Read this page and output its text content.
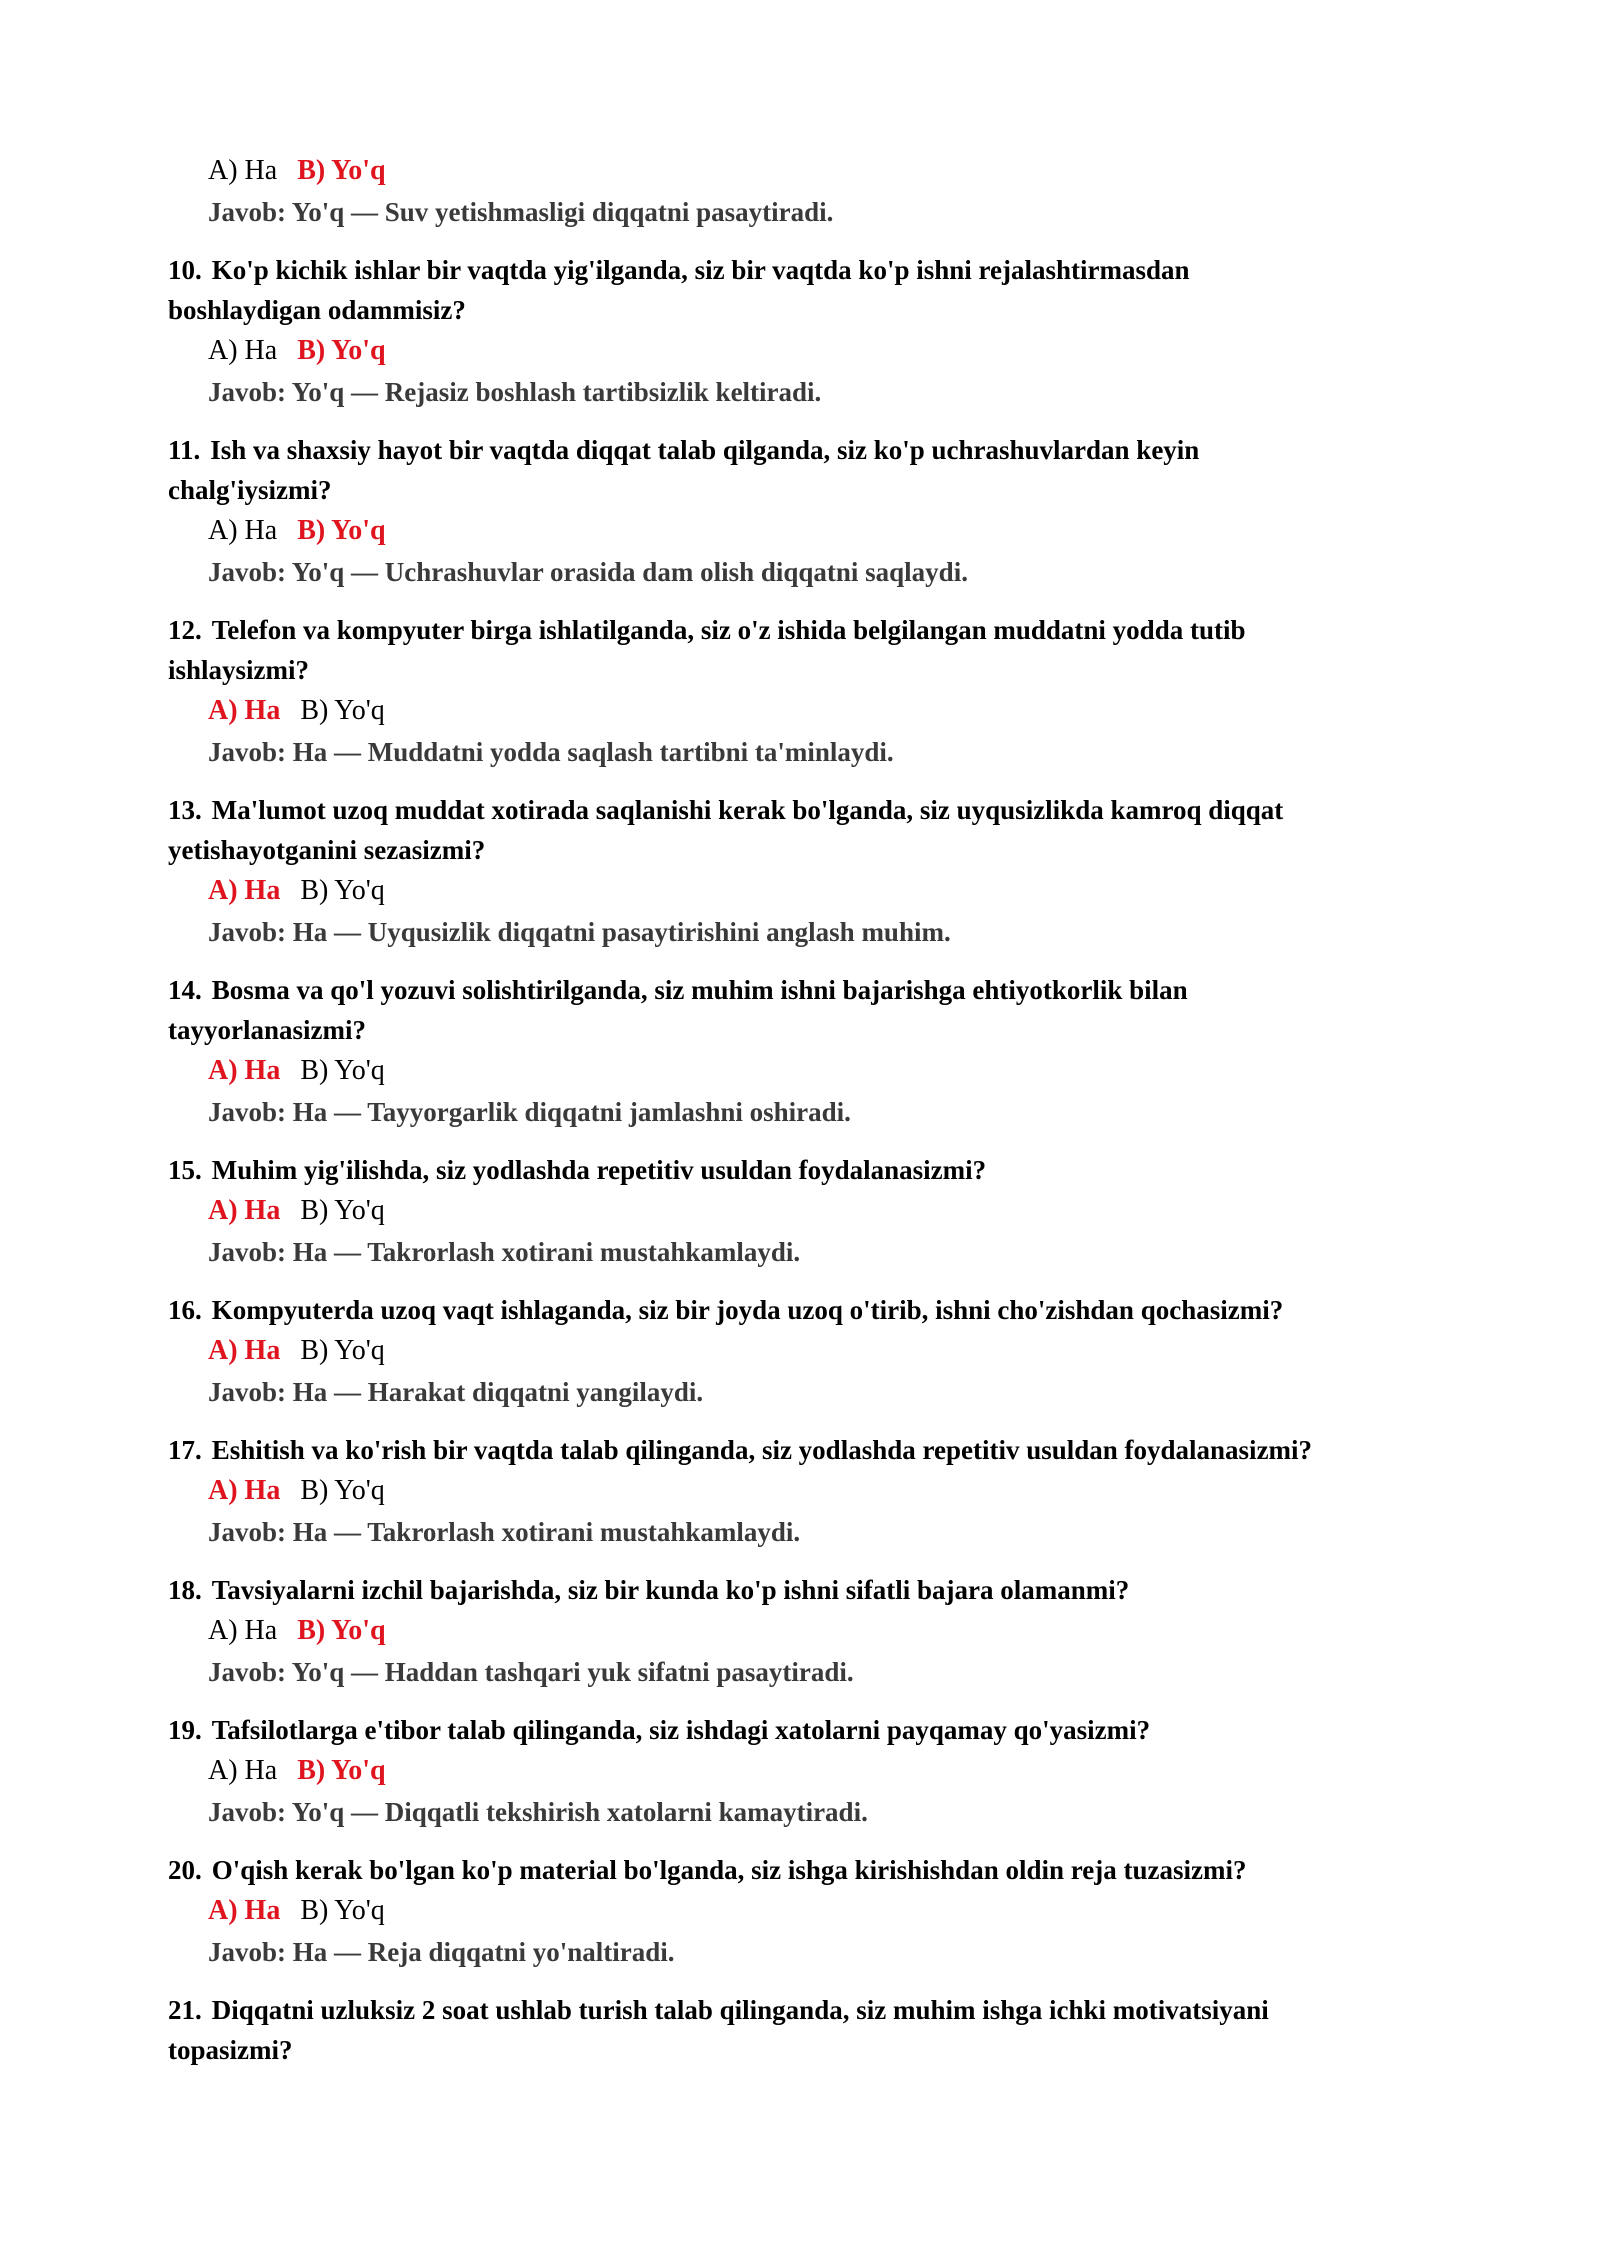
A) Ha B) Yo'q
Javob: Yo'q — Suv yetishmasligi diqqatni pasaytiradi.
10. Ko'p kichik ishlar bir vaqtda yig'ilganda, siz bir vaqtda ko'p ishni rejalashtirmasdan
boshlaydigan odammisiz?
A) Ha B) Yo'q
Javob: Yo'q — Rejasiz boshlash tartibsizlik keltiradi.
11. Ish va shaxsiy hayot bir vaqtda diqqat talab qilganda, siz ko'p uchrashuvlardan keyin
chalg'iysizmi?
A) Ha B) Yo'q
Javob: Yo'q — Uchrashuvlar orasida dam olish diqqatni saqlaydi.
12. Telefon va kompyuter birga ishlatilganda, siz o'z ishida belgilangan muddatni yodda tutib
ishlaysizmi?
A) Ha B) Yo'q
Javob: Ha — Muddatni yodda saqlash tartibni ta'minlaydi.
13. Ma'lumot uzoq muddat xotirada saqlanishi kerak bo'lganda, siz uyqusizlikda kamroq diqqat
yetishayotganini sezasizmi?
A) Ha B) Yo'q
Javob: Ha — Uyqusizlik diqqatni pasaytirishini anglash muhim.
14. Bosma va qo'l yozuvi solishtirilganda, siz muhim ishni bajarishga ehtiyotkorlik bilan
tayyorlanasizmi?
A) Ha B) Yo'q
Javob: Ha — Tayyorgarlik diqqatni jamlashni oshiradi.
15. Muhim yig'ilishda, siz yodlashda repetitiv usuldan foydalanasizmi?
A) Ha B) Yo'q
Javob: Ha — Takrorlash xotirani mustahkamlaydi.
16. Kompyuterda uzoq vaqt ishlaganda, siz bir joyda uzoq o'tirib, ishni cho'zishdan qochasizmi?
A) Ha B) Yo'q
Javob: Ha — Harakat diqqatni yangilaydi.
17. Eshitish va ko'rish bir vaqtda talab qilinganda, siz yodlashda repetitiv usuldan foydalanasizmi?
A) Ha B) Yo'q
Javob: Ha — Takrorlash xotirani mustahkamlaydi.
18. Tavsiyalarni izchil bajarishda, siz bir kunda ko'p ishni sifatli bajara olamanmi?
A) Ha B) Yo'q
Javob: Yo'q — Haddan tashqari yuk sifatni pasaytiradi.
19. Tafsilotlarga e'tibor talab qilinganda, siz ishdagi xatolarni payqamay qo'yasizmi?
A) Ha B) Yo'q
Javob: Yo'q — Diqqatli tekshirish xatolarni kamaytiradi.
20. O'qish kerak bo'lgan ko'p material bo'lganda, siz ishga kirishishdan oldin reja tuzasizmi?
A) Ha B) Yo'q
Javob: Ha — Reja diqqatni yo'naltiradi.
21. Diqqatni uzluksiz 2 soat ushlab turish talab qilinganda, siz muhim ishga ichki motivatsiyani
topasizmi?
